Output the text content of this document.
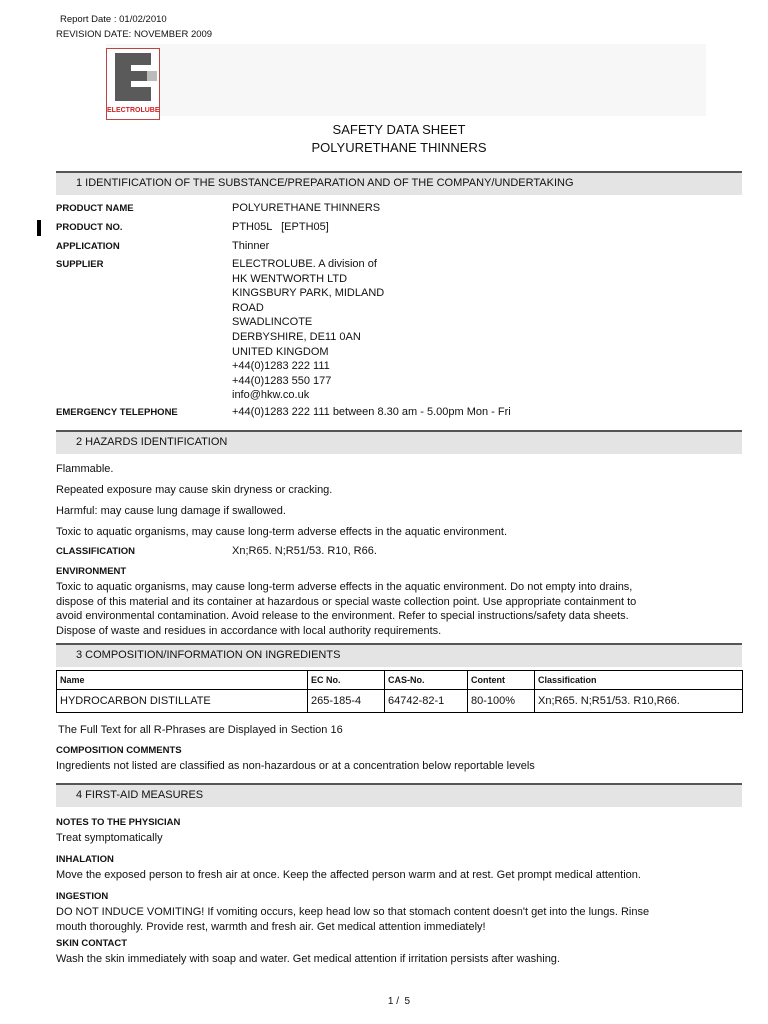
Report Date : 01/02/2010
REVISION DATE: NOVEMBER 2009
ELECTROLUBE
SAFETY DATA SHEET
POLYURETHANE THINNERS
1 IDENTIFICATION OF THE SUBSTANCE/PREPARATION AND OF THE COMPANY/UNDERTAKING
PRODUCT NAME	POLYURETHANE THINNERS
PRODUCT NO.	PTH05L   [EPTH05]
APPLICATION	Thinner
SUPPLIER	ELECTROLUBE. A division of
HK WENTWORTH LTD
KINGSBURY PARK, MIDLAND
ROAD
SWADLINCOTE
DERBYSHIRE, DE11 0AN
UNITED KINGDOM
+44(0)1283 222 111
+44(0)1283 550 177
info@hkw.co.uk
EMERGENCY TELEPHONE	+44(0)1283 222 111 between 8.30 am - 5.00pm Mon - Fri
2 HAZARDS IDENTIFICATION
Flammable.
Repeated exposure may cause skin dryness or cracking.
Harmful: may cause lung damage if swallowed.
Toxic to aquatic organisms, may cause long-term adverse effects in the aquatic environment.
CLASSIFICATION	Xn;R65. N;R51/53. R10, R66.
ENVIRONMENT
Toxic to aquatic organisms, may cause long-term adverse effects in the aquatic environment. Do not empty into drains,
dispose of this material and its container at hazardous or special waste collection point. Use appropriate containment to
avoid environmental contamination. Avoid release to the environment. Refer to special instructions/safety data sheets.
Dispose of waste and residues in accordance with local authority requirements.
3 COMPOSITION/INFORMATION ON INGREDIENTS
Name	EC No.	CAS-No.	Content	Classification
HYDROCARBON DISTILLATE	265-185-4	64742-82-1	80-100%	Xn;R65. N;R51/53. R10,R66.
The Full Text for all R-Phrases are Displayed in Section 16
COMPOSITION COMMENTS
Ingredients not listed are classified as non-hazardous or at a concentration below reportable levels
4 FIRST-AID MEASURES
NOTES TO THE PHYSICIAN
Treat symptomatically
INHALATION
Move the exposed person to fresh air at once. Keep the affected person warm and at rest. Get prompt medical attention.
INGESTION
DO NOT INDUCE VOMITING! If vomiting occurs, keep head low so that stomach content doesn't get into the lungs. Rinse
mouth thoroughly. Provide rest, warmth and fresh air. Get medical attention immediately!
SKIN CONTACT
Wash the skin immediately with soap and water. Get medical attention if irritation persists after washing.
1 /  5
